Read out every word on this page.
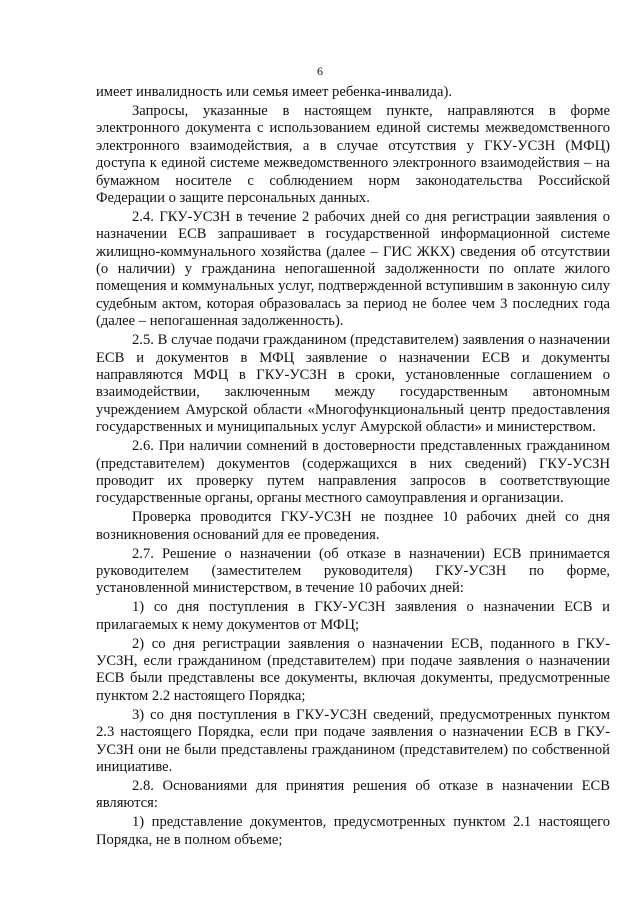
6

имеет инвалидность или семья имеет ребенка-инвалида).

Запросы, указанные в настоящем пункте, направляются в форме электронного документа с использованием единой системы межведомственного электронного взаимодействия, а в случае отсутствия у ГКУ-УСЗН (МФЦ) доступа к единой системе межведомственного электронного взаимодействия – на бумажном носителе с соблюдением норм законодательства Российской Федерации о защите персональных данных.

2.4. ГКУ-УСЗН в течение 2 рабочих дней со дня регистрации заявления о назначении ЕСВ запрашивает в государственной информационной системе жилищно-коммунального хозяйства (далее – ГИС ЖКХ) сведения об отсутствии (о наличии) у гражданина непогашенной задолженности по оплате жилого помещения и коммунальных услуг, подтвержденной вступившим в законную силу судебным актом, которая образовалась за период не более чем 3 последних года (далее – непогашенная задолженность).

2.5. В случае подачи гражданином (представителем) заявления о назначении ЕСВ и документов в МФЦ заявление о назначении ЕСВ и документы направляются МФЦ в ГКУ-УСЗН в сроки, установленные соглашением о взаимодействии, заключенным между государственным автономным учреждением Амурской области «Многофункциональный центр предоставления государственных и муниципальных услуг Амурской области» и министерством.

2.6. При наличии сомнений в достоверности представленных гражданином (представителем) документов (содержащихся в них сведений) ГКУ-УСЗН проводит их проверку путем направления запросов в соответствующие государственные органы, органы местного самоуправления и организации.

Проверка проводится ГКУ-УСЗН не позднее 10 рабочих дней со дня возникновения оснований для ее проведения.

2.7. Решение о назначении (об отказе в назначении) ЕСВ принимается руководителем (заместителем руководителя) ГКУ-УСЗН по форме, установленной министерством, в течение 10 рабочих дней:

1) со дня поступления в ГКУ-УСЗН заявления о назначении ЕСВ и прилагаемых к нему документов от МФЦ;

2) со дня регистрации заявления о назначении ЕСВ, поданного в ГКУ-УСЗН, если гражданином (представителем) при подаче заявления о назначении ЕСВ были представлены все документы, включая документы, предусмотренные пунктом 2.2 настоящего Порядка;

3) со дня поступления в ГКУ-УСЗН сведений, предусмотренных пунктом 2.3 настоящего Порядка, если при подаче заявления о назначении ЕСВ в ГКУ-УСЗН они не были представлены гражданином (представителем) по собственной инициативе.

2.8. Основаниями для принятия решения об отказе в назначении ЕСВ являются:

1) представление документов, предусмотренных пунктом 2.1 настоящего Порядка, не в полном объеме;
